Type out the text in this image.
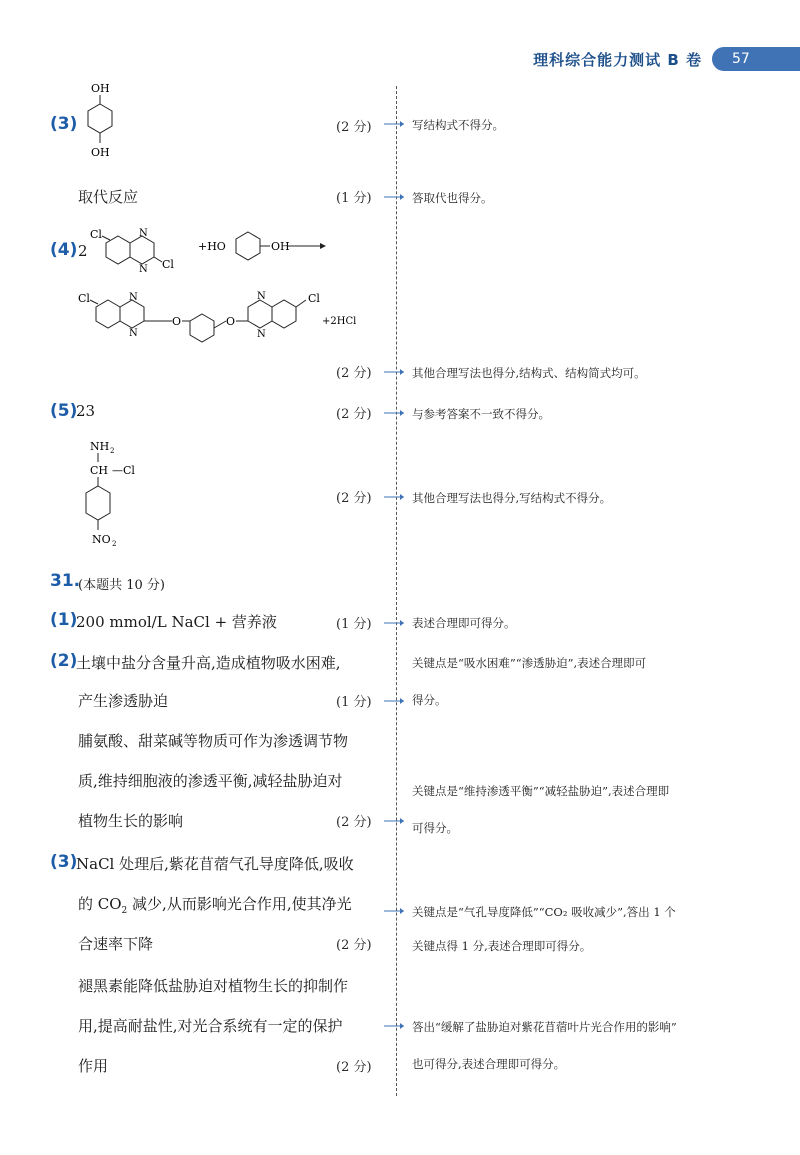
理科综合能力测试 B 卷	57
(3)
OH
OH
(2 分)	写结构式不得分。
取代反应	(1 分)	答取代也得分。
(4) 2
Cl	N
N Cl
+HO	OH
Cl	N
N
O	O
N
N
Cl
+2HCl
(2 分)	其他合理写法也得分,结构式、结构简式均可。
(5)
23	(2 分)	与参考答案不一致不得分。
NH 2
CH —Cl
NO 2
(2 分)	其他合理写法也得分,写结构式不得分。
31.
(本题共 10 分)
(1)
200 mmol/L NaCl + 营养液	(1 分)	表述合理即可得分。
(2)
土壤中盐分含量升高,造成植物吸水困难,
产生渗透胁迫	(1 分)
关键点是“吸水困难”“渗透胁迫”,表述合理即可
得分。
脯氨酸、甜菜碱等物质可作为渗透调节物
质,维持细胞液的渗透平衡,减轻盐胁迫对
植物生长的影响	(2 分)
关键点是“维持渗透平衡”“减轻盐胁迫”,表述合理即
可得分。
(3)
NaCl 处理后,紫花苜蓿气孔导度降低,吸收
的 $CO_2$ 减少,从而影响光合作用,使其净光
合速率下降	(2 分)
关键点是“气孔导度降低”“CO₂ 吸收减少”,答出 1 个
关键点得 1 分,表述合理即可得分。
褪黑素能降低盐胁迫对植物生长的抑制作
用,提高耐盐性,对光合系统有一定的保护
作用	(2 分)
答出“缓解了盐胁迫对紫花苜蓿叶片光合作用的影响”
也可得分,表述合理即可得分。
